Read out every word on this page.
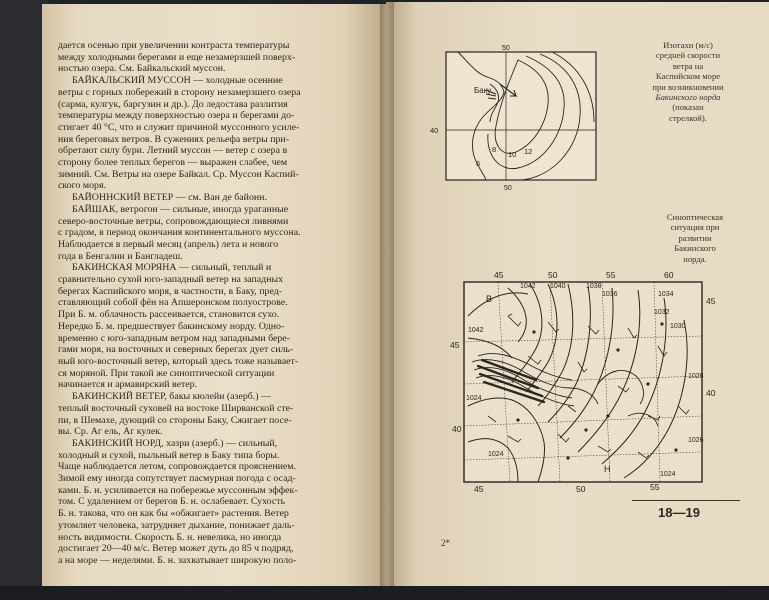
дается осенью при увеличении контраста температуры
между холодными берегами и еще незамерзшей поверх-
ностью озера. См. Байкальский муссон.
БАЙКАЛЬСКИЙ МУССОН — холодные осенние
ветры с горных побережий в сторону незамерзшего озера
(сарма, кулгук, баргузин и др.). До ледостава разлития
температуры между поверхностью озера и берегами до-
стигает 40 °С, что и служит причиной муссонного усиле-
ния береговых ветров. В сужениях рельефа ветры при-
обретают силу бури. Летний муссон — ветер с озера в
сторону более теплых берегов — выражен слабее, чем
зимний. См. Ветры на озере Байкал. Ср. Муссон Каспий-
ского моря.
БАЙОННСКИЙ ВЕТЕР — см. Ван де байонн.
БАЙШАК, ветрогон — сильные, иногда ураганные
северо-восточные ветры, сопровождающиеся ливнями
с градом, в период окончания континентального муссона.
Наблюдается в первый месяц (апрель) лета и нового
года в Бенгалии и Бангладеш.
БАКИНСКАЯ МОРЯНА — сильный, теплый и
сравнительно сухой юго-западный ветер на западных
берегах Каспийского моря, в частности, в Баку, пред-
ставляющий собой фён на Апшеронском полуострове.
При Б. м. облачность рассеивается, становится сухо.
Нередко Б. м. предшествует бакинскому норду. Одно-
временно с юго-западным ветром над западными бере-
гами моря, на восточных и северных берегах дует силь-
ный юго-восточный ветер, который здесь тоже называет-
ся моряной. При такой же синоптической ситуации
начинается и армавирский ветер.
БАКИНСКИЙ ВЕТЕР, бакы кюлейи (азерб.) —
теплый восточный суховей на востоке Ширванской сте-
пи, в Шемахе, дующий со стороны Баку, Сжигает посе-
вы. Ср. Аг ель, Аг кулек.
БАКИНСКИЙ НОРД, хазри (азерб.) — сильный,
холодный и сухой, пыльный ветер в Баку типа боры.
Чаще наблюдается летом, сопровождается прояснением.
Зимой ему иногда сопутствует пасмурная погода с осад-
ками. Б. н. усиливается на побережье муссонным эффек-
том. С удалением от берегов Б. н. ослабевает. Сухость
Б. н. такова, что он как бы «обжигает» растения. Ветер
утомляет человека, затрудняет дыхание, понижает даль-
ность видимости. Скорость Б. н. невелика, но иногда
достигает 20—40 м/с. Ветер может дуть до 85 ч подряд,
а на море — неделями. Б. н. захватывает широкую поло-
Изотахи (м/с)
средней скорости
ветра на
Каспийском море
при возникновении
Бакинского норда
(показан
стрелкой).
Синоптическая
ситуация при
развитии
Бакинского
норда.
Баку
50
40
50
6
8
10 12
45	50	55	60
45	50	55
45
40
45
40
В
Н
1042 1040	1038
1036	1034
1032
1030
1028
1026
1024
1024
1042
1024
18—19
2*
